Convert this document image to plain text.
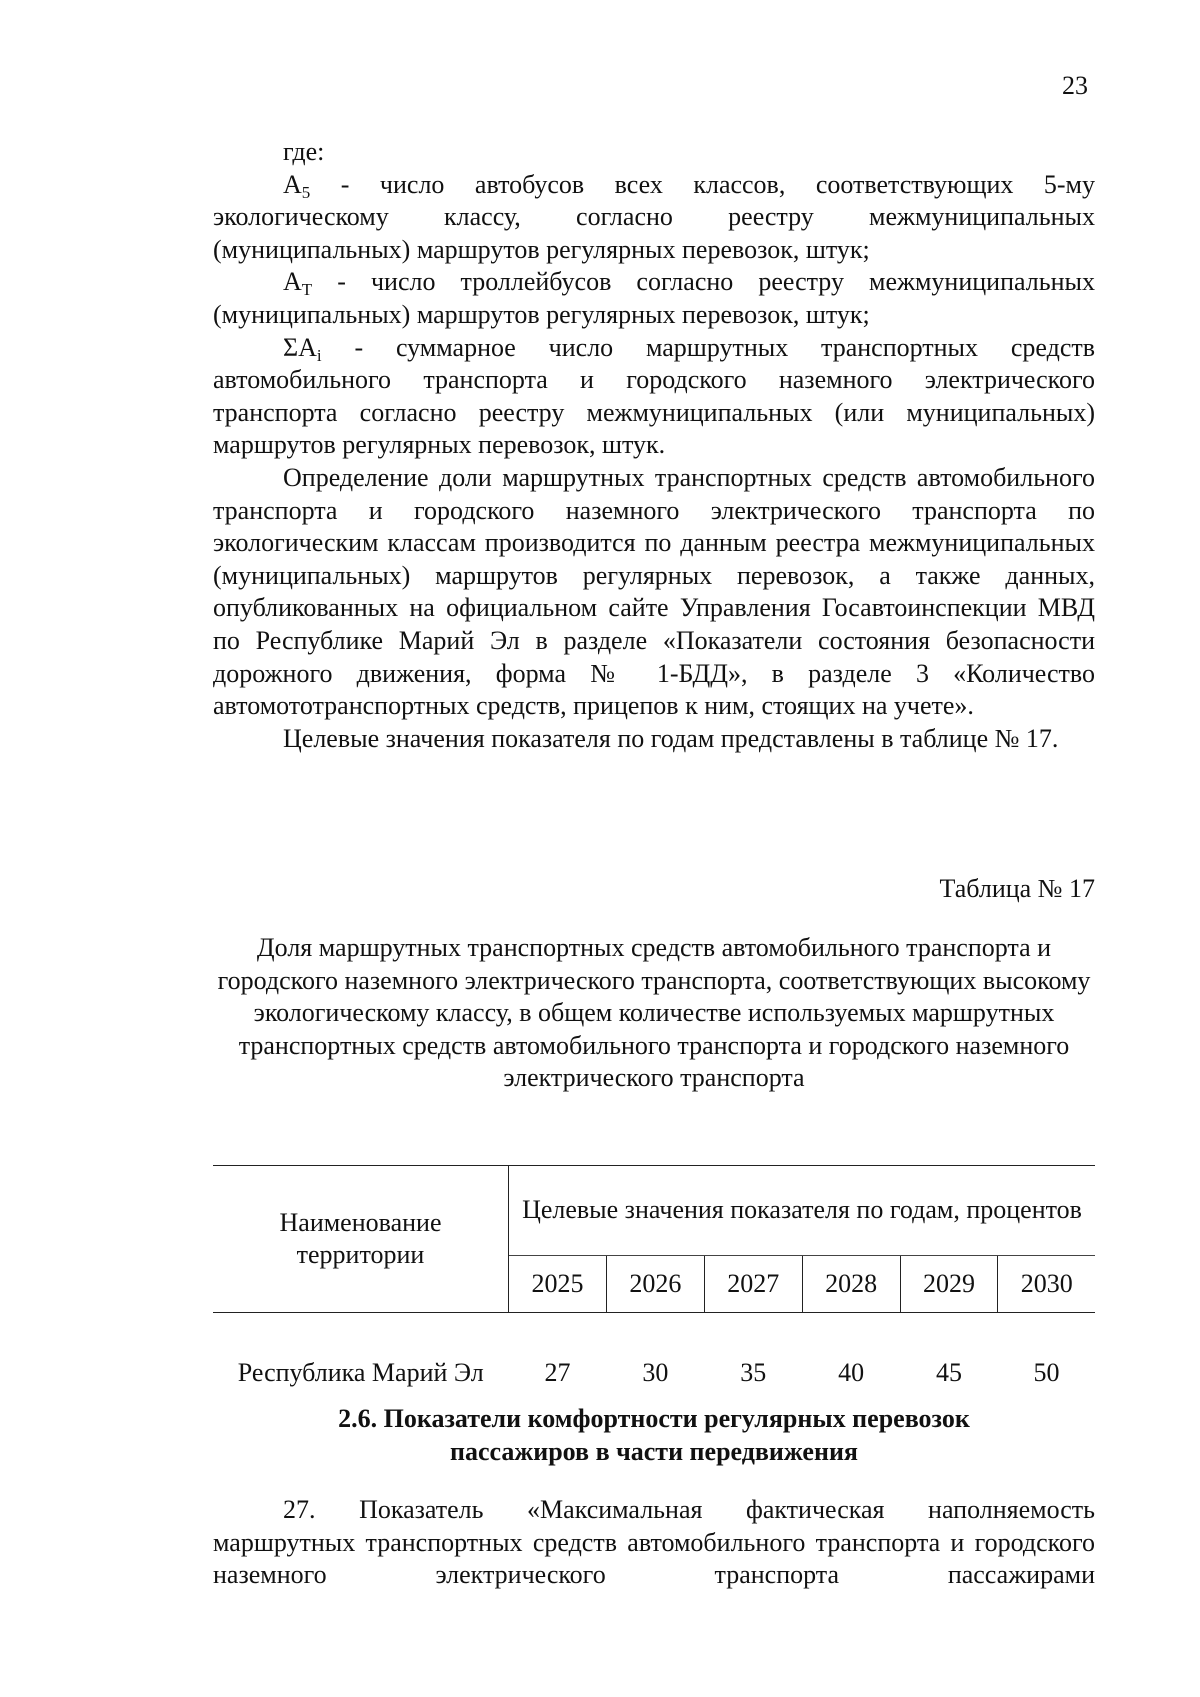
23

где:

A5 - число автобусов всех классов, соответствующих 5-му экологическому классу, согласно реестру межмуниципальных (муниципальных) маршрутов регулярных перевозок, штук;

AT - число троллейбусов согласно реестру межмуниципальных (муниципальных) маршрутов регулярных перевозок, штук;

ΣAi - суммарное число маршрутных транспортных средств автомобильного транспорта и городского наземного электрического транспорта согласно реестру межмуниципальных (или муниципальных) маршрутов регулярных перевозок, штук.

Определение доли маршрутных транспортных средств автомобильного транспорта и городского наземного электрического транспорта по экологическим классам производится по данным реестра межмуниципальных (муниципальных) маршрутов регулярных перевозок, а также данных, опубликованных на официальном сайте Управления Госавтоинспекции МВД по Республике Марий Эл в разделе «Показатели состояния безопасности дорожного движения, форма № 1-БДД», в разделе 3 «Количество автомототранспортных средств, прицепов к ним, стоящих на учете».

Целевые значения показателя по годам представлены в таблице № 17.

Таблица № 17
Доля маршрутных транспортных средств автомобильного транспорта и городского наземного электрического транспорта, соответствующих высокому экологическому классу, в общем количестве используемых маршрутных транспортных средств автомобильного транспорта и городского наземного электрического транспорта
Наименование территории	Целевые значения показателя по годам, процентов					
	2025	2026	2027	2028	2029	2030
Республика Марий Эл	27	30	35	40	45	50
2.6. Показатели комфортности регулярных перевозок
пассажиров в части передвижения

27. Показатель «Максимальная фактическая наполняемость маршрутных транспортных средств автомобильного транспорта и городского наземного электрического транспорта пассажирами
